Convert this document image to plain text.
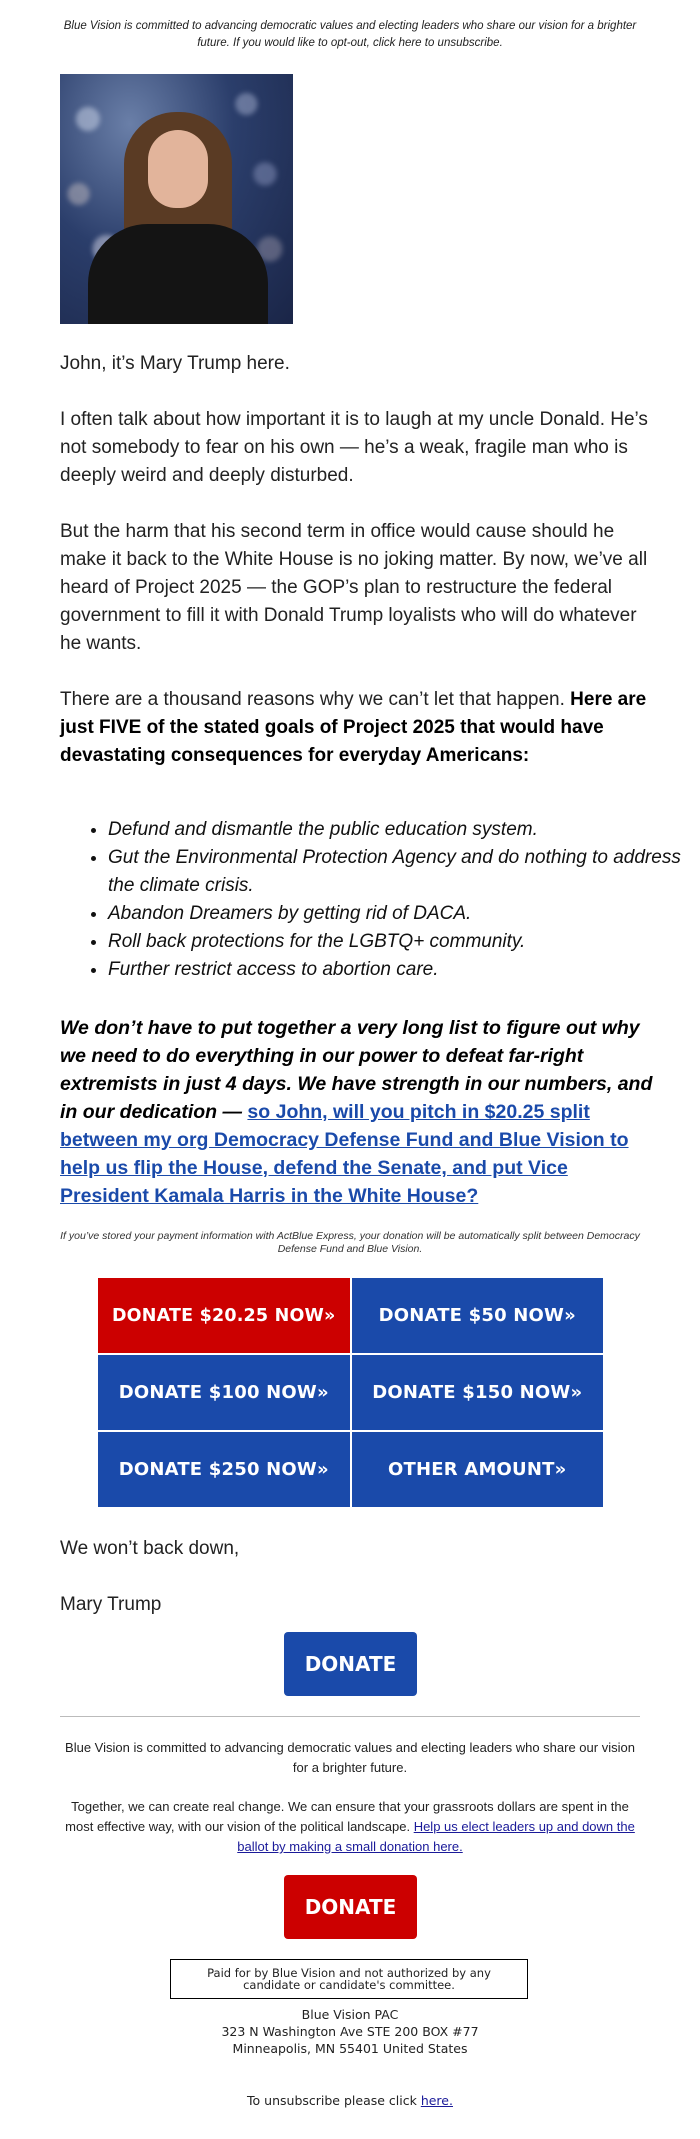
Blue Vision is committed to advancing democratic values and electing leaders who share our vision for a brighter future. If you would like to opt-out, click here to unsubscribe.

John, it’s Mary Trump here.

I often talk about how important it is to laugh at my uncle Donald. He’s not somebody to fear on his own — he’s a weak, fragile man who is deeply weird and deeply disturbed.

But the harm that his second term in office would cause should he make it back to the White House is no joking matter. By now, we’ve all heard of Project 2025 — the GOP’s plan to restructure the federal government to fill it with Donald Trump loyalists who will do whatever he wants.

There are a thousand reasons why we can’t let that happen. Here are just FIVE of the stated goals of Project 2025 that would have devastating consequences for everyday Americans:

• Defund and dismantle the public education system.
• Gut the Environmental Protection Agency and do nothing to address the climate crisis.
• Abandon Dreamers by getting rid of DACA.
• Roll back protections for the LGBTQ+ community.
• Further restrict access to abortion care.
We don’t have to put together a very long list to figure out why we need to do everything in our power to defeat far-right extremists in just 4 days. We have strength in our numbers, and in our dedication — so John, will you pitch in $20.25 split between my org Democracy Defense Fund and Blue Vision to help us flip the House, defend the Senate, and put Vice President Kamala Harris in the White House?
If you’ve stored your payment information with ActBlue Express, your donation will be automatically split between Democracy Defense Fund and Blue Vision.
DONATE $20.25 NOW»	DONATE $50 NOW»
DONATE $100 NOW»	DONATE $150 NOW»
DONATE $250 NOW»	OTHER AMOUNT»
We won’t back down,
Mary Trump
DONATE
Blue Vision is committed to advancing democratic values and electing leaders who share our vision for a brighter future.
Together, we can create real change. We can ensure that your grassroots dollars are spent in the most effective way, with our vision of the political landscape. Help us elect leaders up and down the ballot by making a small donation here.
DONATE
Paid for by Blue Vision and not authorized by any candidate or candidate's committee.
Blue Vision PAC
323 N Washington Ave STE 200 BOX #77
Minneapolis, MN 55401 United States
To unsubscribe please click here.
